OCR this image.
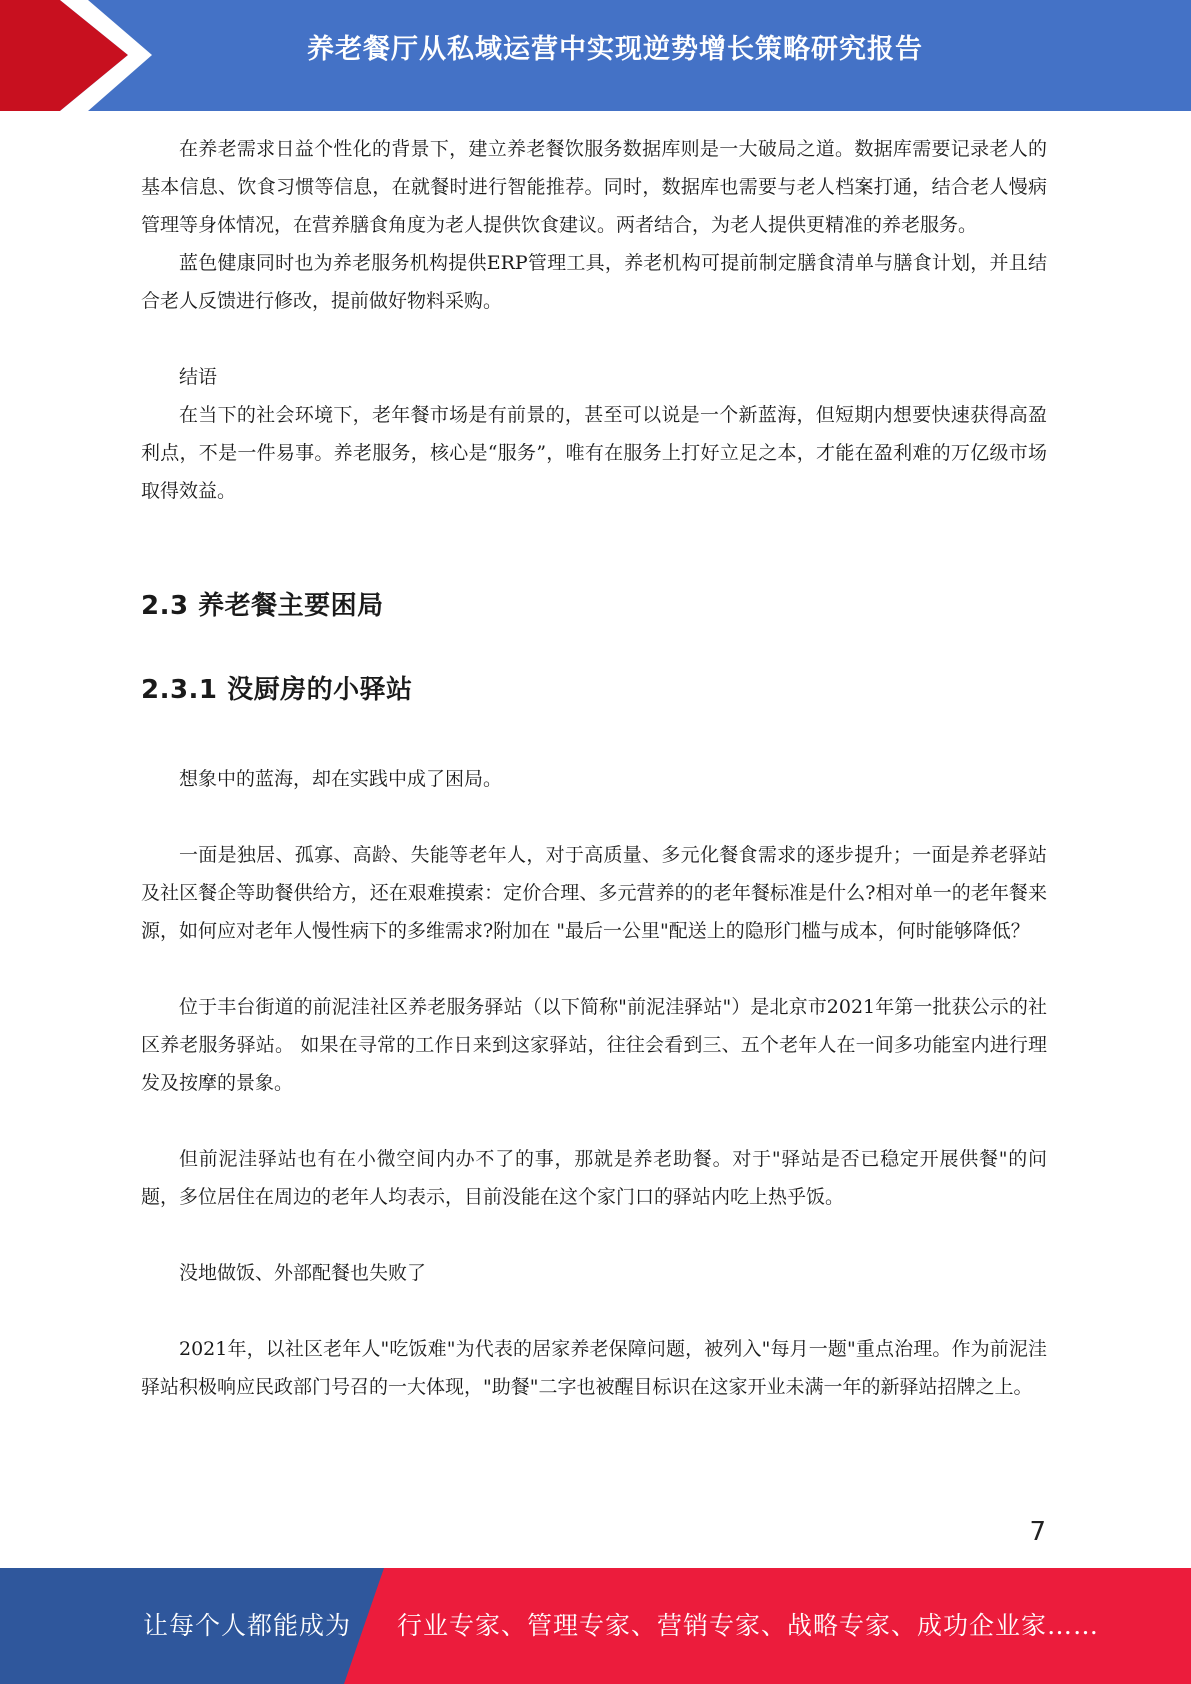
养老餐厅从私域运营中实现逆势增长策略研究报告

在养老需求日益个性化的背景下，建立养老餐饮服务数据库则是一大破局之道。数据库需要记录老人的基本信息、饮食习惯等信息，在就餐时进行智能推荐。同时，数据库也需要与老人档案打通，结合老人慢病管理等身体情况，在营养膳食角度为老人提供饮食建议。两者结合，为老人提供更精准的养老服务。

蓝色健康同时也为养老服务机构提供ERP管理工具，养老机构可提前制定膳食清单与膳食计划，并且结合老人反馈进行修改，提前做好物料采购。

结语

在当下的社会环境下，老年餐市场是有前景的，甚至可以说是一个新蓝海，但短期内想要快速获得高盈利点，不是一件易事。养老服务，核心是“服务”，唯有在服务上打好立足之本，才能在盈利难的万亿级市场取得效益。

2.3 养老餐主要困局
2.3.1 没厨房的小驿站

想象中的蓝海，却在实践中成了困局。

一面是独居、孤寡、高龄、失能等老年人，对于高质量、多元化餐食需求的逐步提升；一面是养老驿站及社区餐企等助餐供给方，还在艰难摸索：定价合理、多元营养的的老年餐标准是什么?相对单一的老年餐来源，如何应对老年人慢性病下的多维需求?附加在 "最后一公里"配送上的隐形门槛与成本，何时能够降低？

位于丰台街道的前泥洼社区养老服务驿站（以下简称"前泥洼驿站"）是北京市2021年第一批获公示的社区养老服务驿站。 如果在寻常的工作日来到这家驿站，往往会看到三、五个老年人在一间多功能室内进行理发及按摩的景象。

但前泥洼驿站也有在小微空间内办不了的事，那就是养老助餐。对于"驿站是否已稳定开展供餐"的问题，多位居住在周边的老年人均表示，目前没能在这个家门口的驿站内吃上热乎饭。

没地做饭、外部配餐也失败了

2021年，以社区老年人"吃饭难"为代表的居家养老保障问题，被列入"每月一题"重点治理。作为前泥洼驿站积极响应民政部门号召的一大体现，"助餐"二字也被醒目标识在这家开业未满一年的新驿站招牌之上。

7
让每个人都能成为 行业专家、管理专家、营销专家、战略专家、成功企业家……
